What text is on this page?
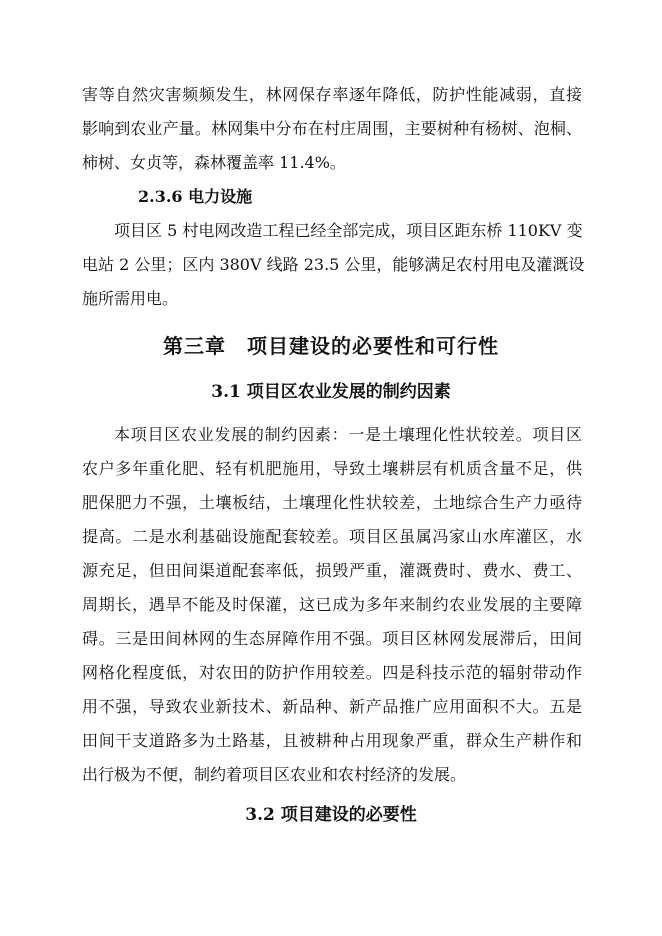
害等自然灾害频频发生，林网保存率逐年降低，防护性能减弱，直接
影响到农业产量。林网集中分布在村庄周围，主要树种有杨树、泡桐、
柿树、女贞等，森林覆盖率 11.4%。
2.3.6 电力设施
项目区 5 村电网改造工程已经全部完成，项目区距东桥 110KV 变
电站 2 公里；区内 380V 线路 23.5 公里，能够满足农村用电及灌溉设
施所需用电。
第三章　项目建设的必要性和可行性
3.1 项目区农业发展的制约因素
本项目区农业发展的制约因素：一是土壤理化性状较差。项目区
农户多年重化肥、轻有机肥施用，导致土壤耕层有机质含量不足，供
肥保肥力不强，土壤板结，土壤理化性状较差，土地综合生产力亟待
提高。二是水利基础设施配套较差。项目区虽属冯家山水库灌区，水
源充足，但田间渠道配套率低，损毁严重，灌溉费时、费水、费工、
周期长，遇旱不能及时保灌，这已成为多年来制约农业发展的主要障
碍。三是田间林网的生态屏障作用不强。项目区林网发展滞后，田间
网格化程度低，对农田的防护作用较差。四是科技示范的辐射带动作
用不强，导致农业新技术、新品种、新产品推广应用面积不大。五是
田间干支道路多为土路基，且被耕种占用现象严重，群众生产耕作和
出行极为不便，制约着项目区农业和农村经济的发展。
3.2 项目建设的必要性
